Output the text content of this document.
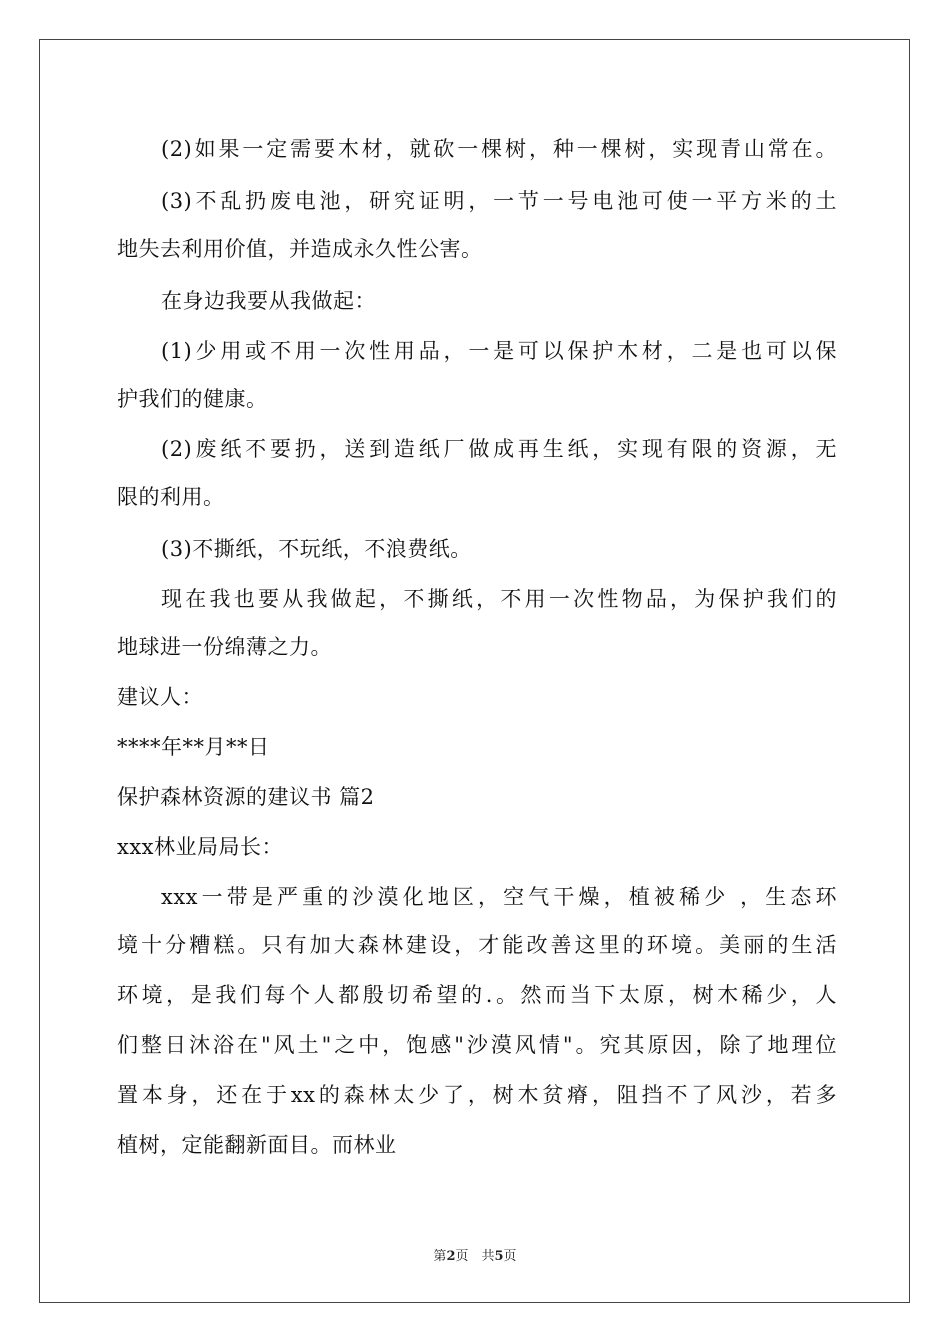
(2)如果一定需要木材，就砍一棵树，种一棵树，实现青山常在。
(3)不乱扔废电池，研究证明，一节一号电池可使一平方米的土
地失去利用价值，并造成永久性公害。
在身边我要从我做起：
(1)少用或不用一次性用品，一是可以保护木材，二是也可以保
护我们的健康。
(2)废纸不要扔，送到造纸厂做成再生纸，实现有限的资源，无
限的利用。
(3)不撕纸，不玩纸，不浪费纸。
现在我也要从我做起，不撕纸，不用一次性物品，为保护我们的
地球进一份绵薄之力。
建议人：
****年**月**日
保护森林资源的建议书 篇2
xxx林业局局长：
xxx一带是严重的沙漠化地区，空气干燥，植被稀少 ，生态环
境十分糟糕。只有加大森林建设，才能改善这里的环境。美丽的生活
环境，是我们每个人都殷切希望的.。然而当下太原，树木稀少，人
们整日沐浴在"风土"之中，饱感"沙漠风情"。究其原因，除了地理位
置本身，还在于xx的森林太少了，树木贫瘠，阻挡不了风沙，若多
植树，定能翻新面目。而林业
第2页　共5页
